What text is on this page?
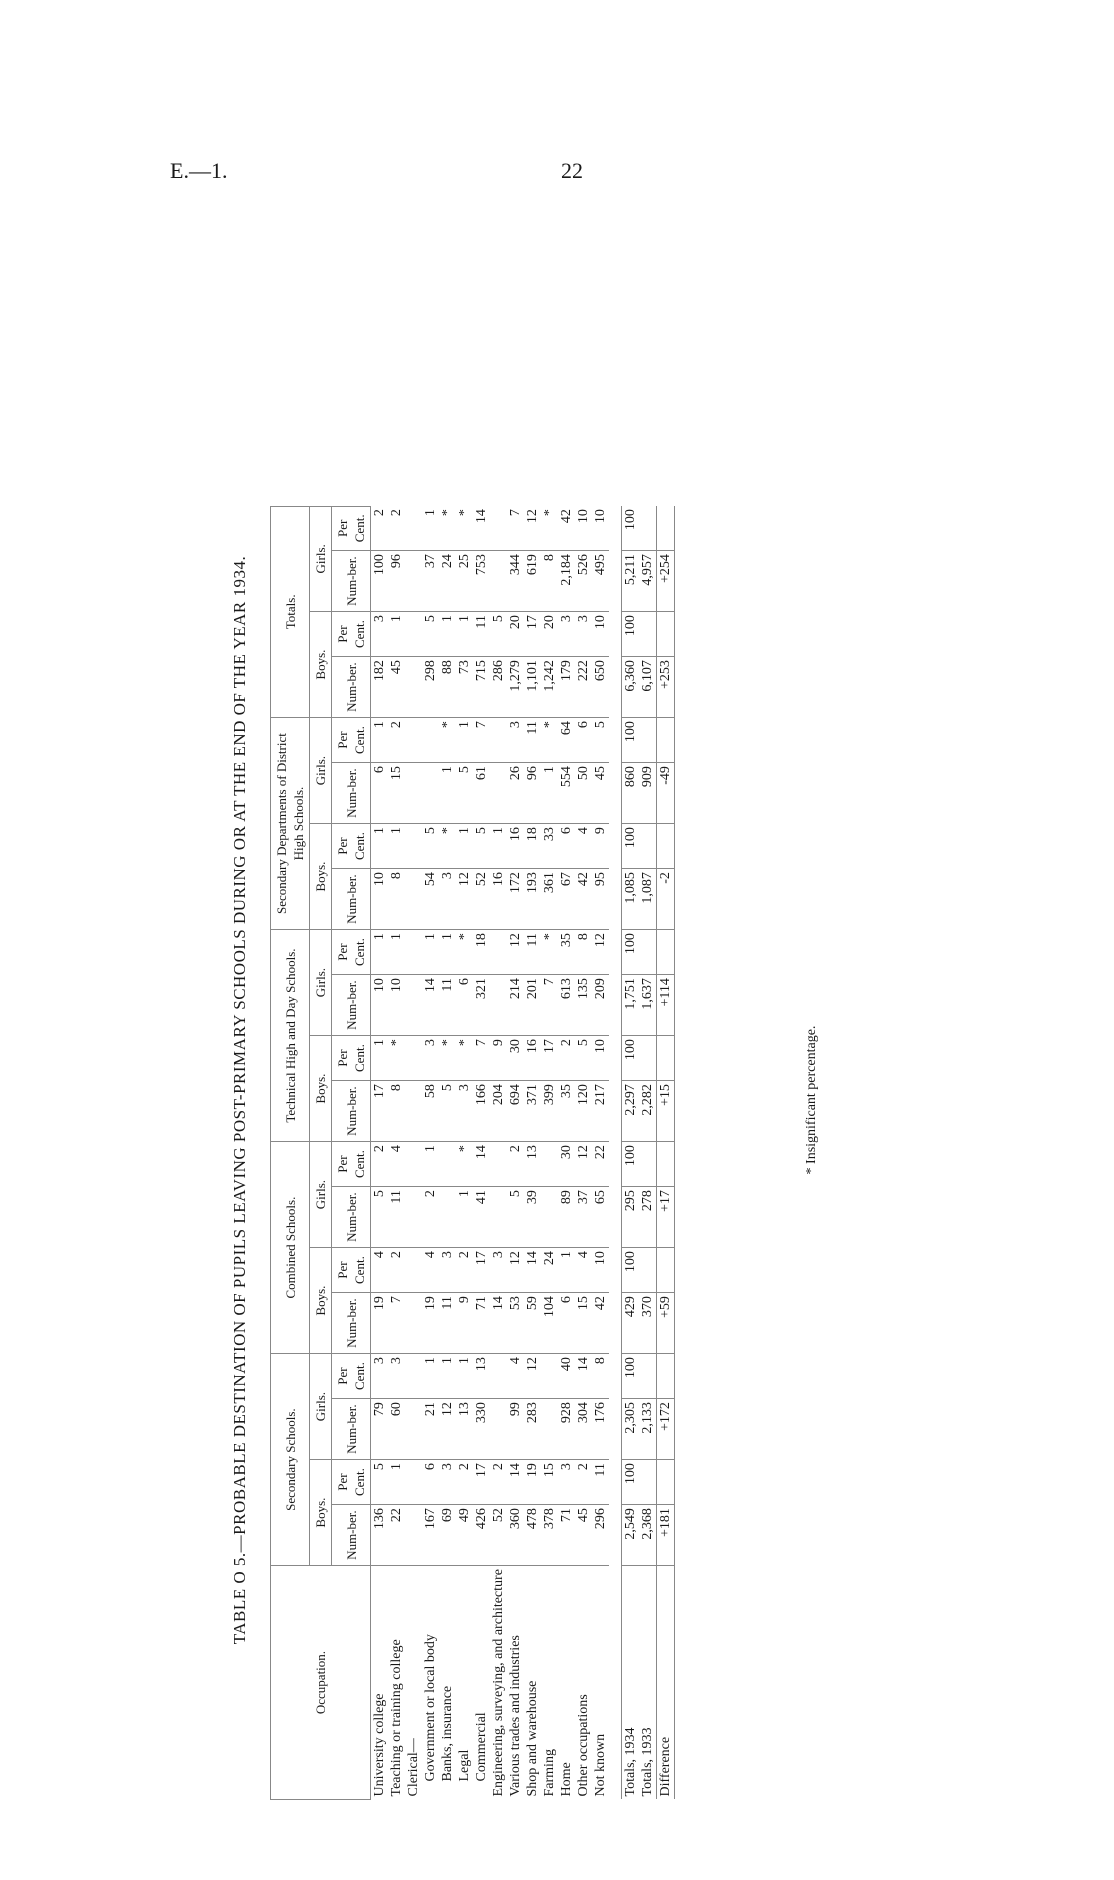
E.—1.	22
TABLE O 5.—PROBABLE DESTINATION OF PUPILS LEAVING POST-PRIMARY SCHOOLS DURING OR AT THE END OF THE YEAR 1934.
Occupation.	Secondary Schools.				Combined Schools.				Technical High and Day Schools.				Secondary Departments of District High Schools.				Totals.			
	Boys.		Girls.		Boys.		Girls.		Boys.		Girls.		Boys.		Girls.		Boys.		Girls.	
	Num-ber.	Per Cent.	Num-ber.	Per Cent.	Num-ber.	Per Cent.	Num-ber.	Per Cent.	Num-ber.	Per Cent.	Num-ber.	Per Cent.	Num-ber.	Per Cent.	Num-ber.	Per Cent.	Num-ber.	Per Cent.	Num-ber.	Per Cent.
University college	136	5	79	3	19	4	5	2	17	1	10	1	10	1	6	1	182	3	100	2
Teaching or training college	22	1	60	3	7	2	11	4	8	*	10	1	8	1	15	2	45	1	96	2
Clerical—																				
Government or local body	167	6	21	1	19	4	2	1	58	3	14	1	54	5			298	5	37	1
Banks, insurance	69	3	12	1	11	3			5	*	11	1	3	*	1	*	88	1	24	*
Legal	49	2	13	1	9	2	1	*	3	*	6	*	12	1	5	1	73	1	25	*
Commercial	426	17	330	13	71	17	41	14	166	7	321	18	52	5	61	7	715	11	753	14
Engineering, surveying, and architecture	52	2			14	3			204	9			16	1			286	5		
Various trades and industries	360	14	99	4	53	12	5	2	694	30	214	12	172	16	26	3	1,279	20	344	7
Shop and warehouse	478	19	283	12	59	14	39	13	371	16	201	11	193	18	96	11	1,101	17	619	12
Farming	378	15			104	24			399	17	7	*	361	33	1	*	1,242	20	8	*
Home	71	3	928	40	6	1	89	30	35	2	613	35	67	6	554	64	179	3	2,184	42
Other occupations	45	2	304	14	15	4	37	12	120	5	135	8	42	4	50	6	222	3	526	10
Not known	296	11	176	8	42	10	65	22	217	10	209	12	95	9	45	5	650	10	495	10

Totals, 1934	2,549	100	2,305	100	429	100	295	100	2,297	100	1,751	100	1,085	100	860	100	6,360	100	5,211	100
Totals, 1933	2,368		2,133		370		278		2,282		1,637		1,087		909		6,107		4,957	
Difference	+181		+172		+59		+17		+15		+114		-2		-49		+253		+254	
* Insignificant percentage.
